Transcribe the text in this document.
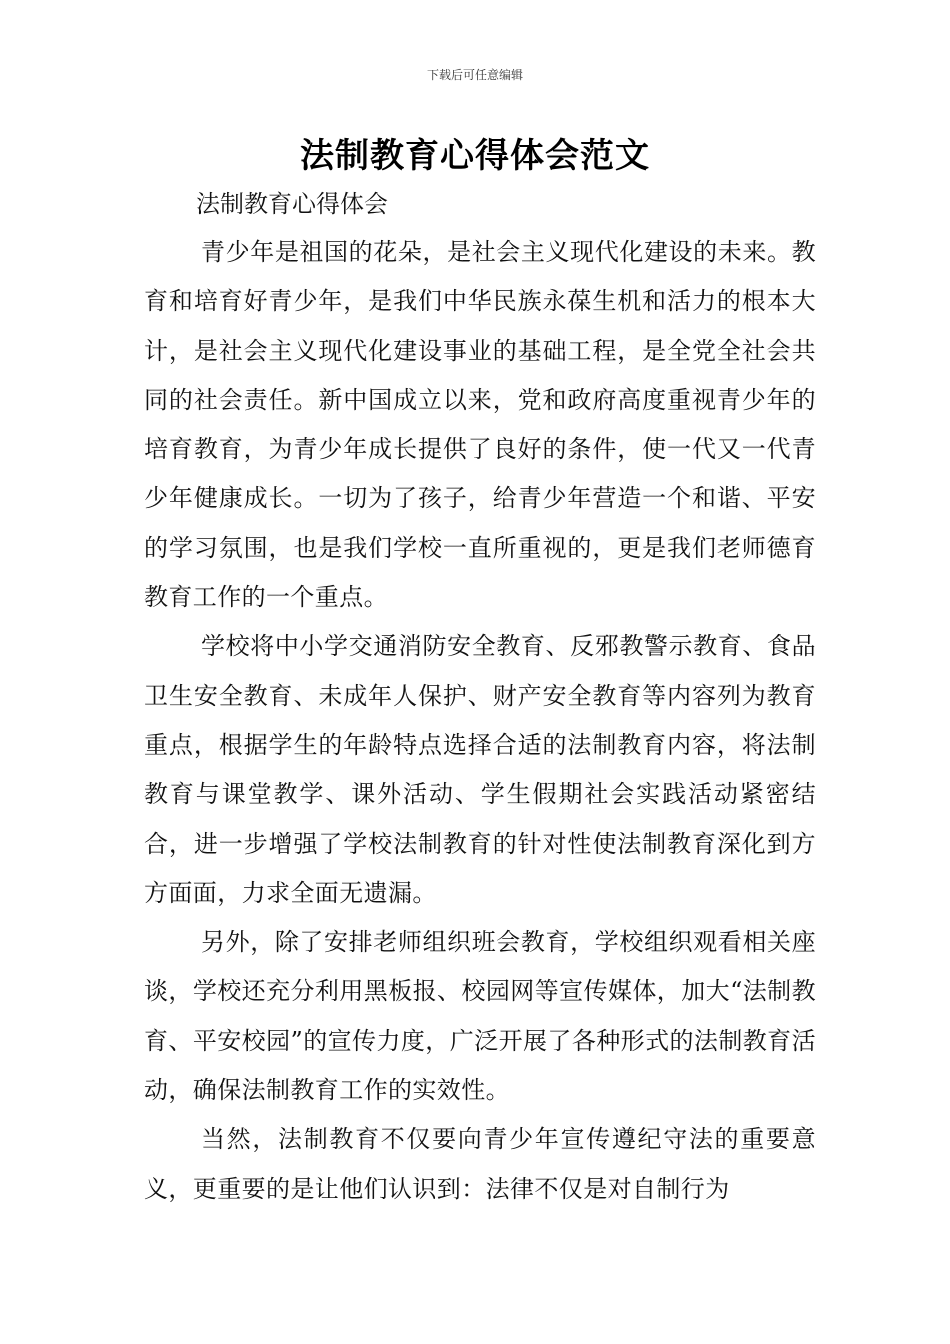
下载后可任意编辑
法制教育心得体会范文
法制教育心得体会

青少年是祖国的花朵，是社会主义现代化建设的未来。教育和培育好青少年，是我们中华民族永葆生机和活力的根本大计，是社会主义现代化建设事业的基础工程，是全党全社会共同的社会责任。新中国成立以来，党和政府高度重视青少年的培育教育，为青少年成长提供了良好的条件，使一代又一代青少年健康成长。一切为了孩子，给青少年营造一个和谐、平安的学习氛围，也是我们学校一直所重视的，更是我们老师德育教育工作的一个重点。

学校将中小学交通消防安全教育、反邪教警示教育、食品卫生安全教育、未成年人保护、财产安全教育等内容列为教育重点，根据学生的年龄特点选择合适的法制教育内容，将法制教育与课堂教学、课外活动、学生假期社会实践活动紧密结合，进一步增强了学校法制教育的针对性使法制教育深化到方方面面，力求全面无遗漏。

另外，除了安排老师组织班会教育，学校组织观看相关座谈，学校还充分利用黑板报、校园网等宣传媒体，加大“法制教育、平安校园”的宣传力度，广泛开展了各种形式的法制教育活动，确保法制教育工作的实效性。

当然，法制教育不仅要向青少年宣传遵纪守法的重要意义，更重要的是让他们认识到：法律不仅是对自制行为
